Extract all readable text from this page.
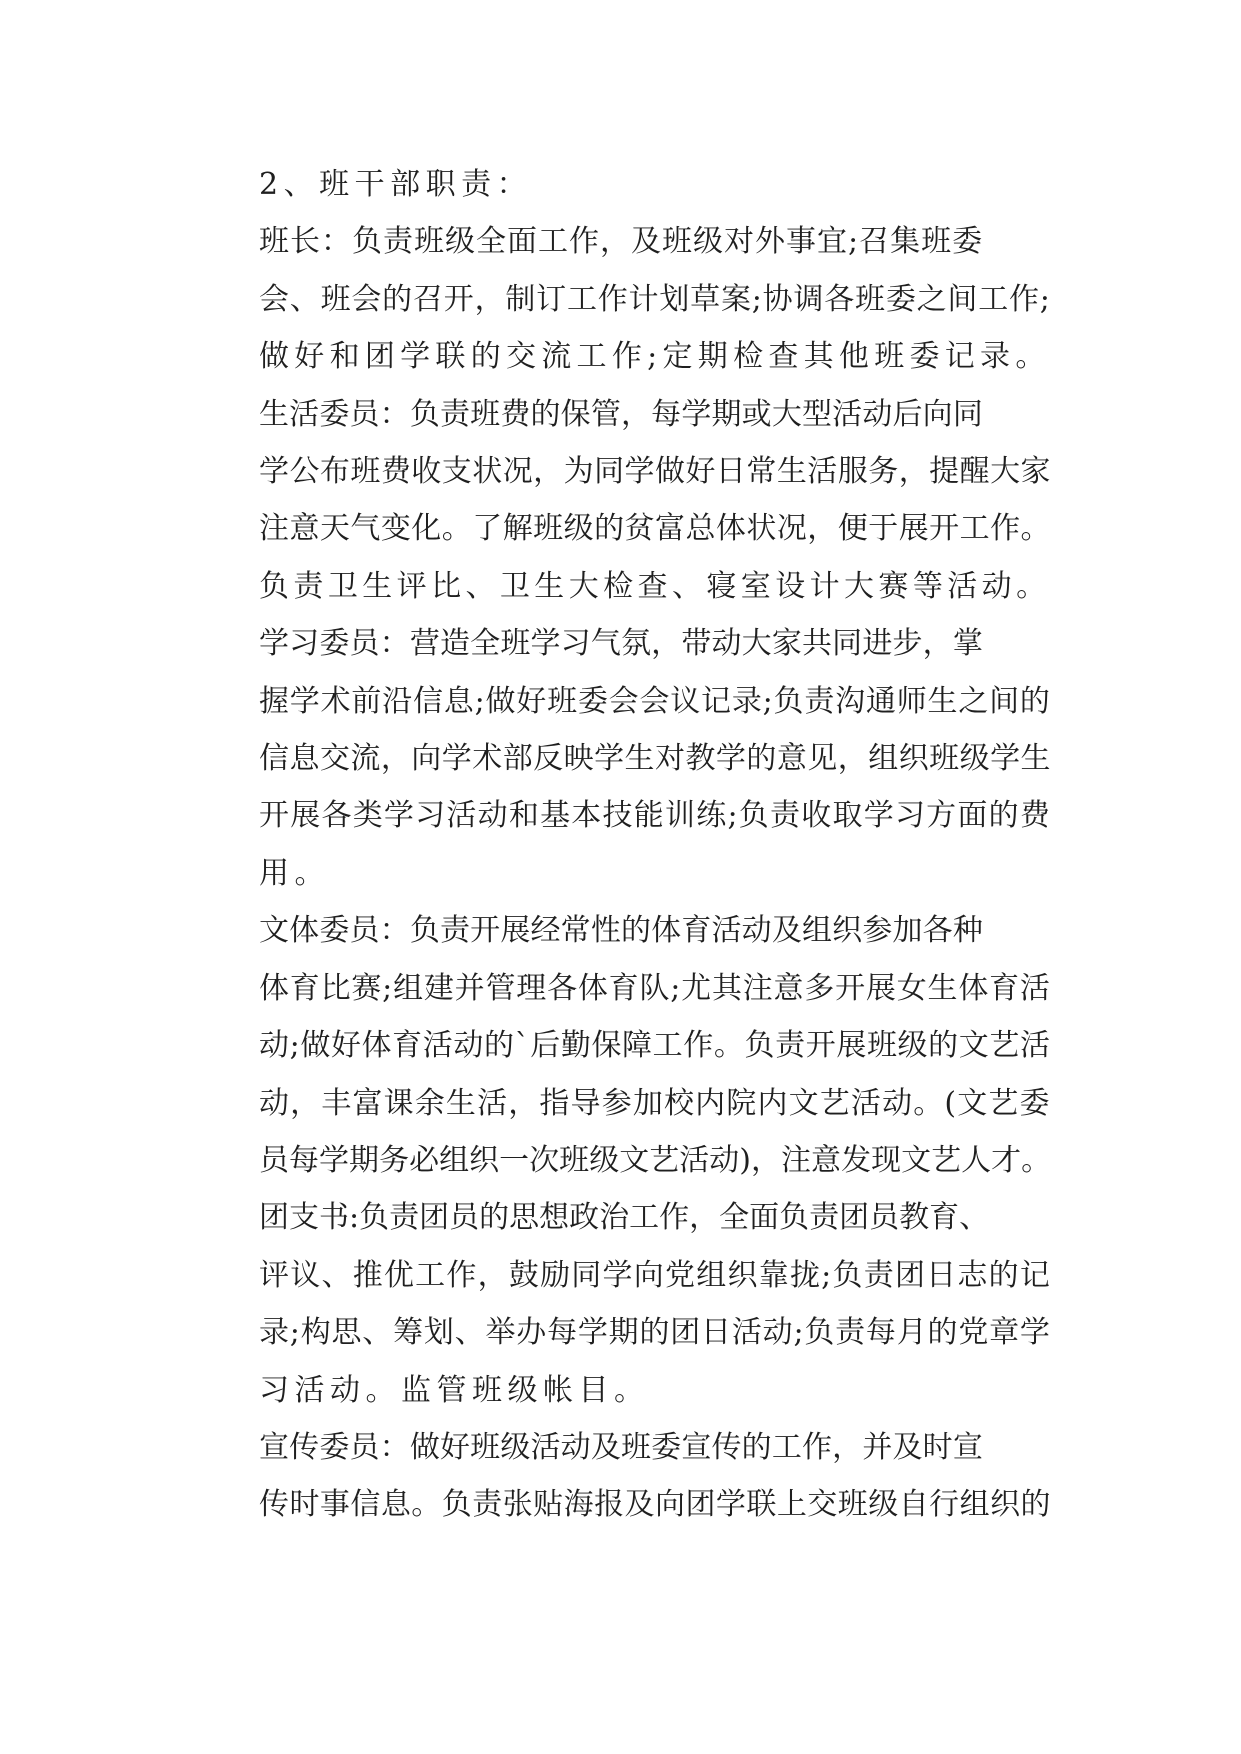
2、班干部职责：

班长：负责班级全面工作，及班级对外事宜;召集班委
会、班会的召开，制订工作计划草案;协调各班委之间工作;
做好和团学联的交流工作;定期检查其他班委记录。

生活委员：负责班费的保管，每学期或大型活动后向同
学公布班费收支状况，为同学做好日常生活服务，提醒大家
注意天气变化。了解班级的贫富总体状况，便于展开工作。
负责卫生评比、卫生大检查、寝室设计大赛等活动。

学习委员：营造全班学习气氛，带动大家共同进步，掌
握学术前沿信息;做好班委会会议记录;负责沟通师生之间的
信息交流，向学术部反映学生对教学的意见，组织班级学生
开展各类学习活动和基本技能训练;负责收取学习方面的费
用。

文体委员：负责开展经常性的体育活动及组织参加各种
体育比赛;组建并管理各体育队;尤其注意多开展女生体育活
动;做好体育活动的`后勤保障工作。负责开展班级的文艺活
动，丰富课余生活，指导参加校内院内文艺活动。(文艺委
员每学期务必组织一次班级文艺活动)，注意发现文艺人才。

团支书:负责团员的思想政治工作，全面负责团员教育、
评议、推优工作，鼓励同学向党组织靠拢;负责团日志的记
录;构思、筹划、举办每学期的团日活动;负责每月的党章学
习活动。监管班级帐目。

宣传委员：做好班级活动及班委宣传的工作，并及时宣
传时事信息。负责张贴海报及向团学联上交班级自行组织的
